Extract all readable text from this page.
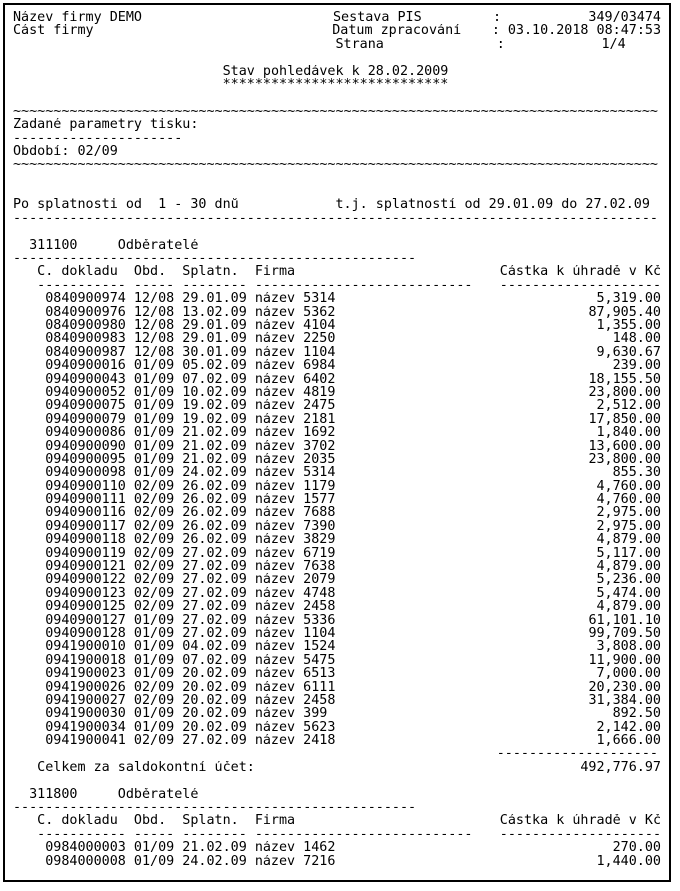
Název firmy DEMO	Sestava PIS	:	349/03474
Část firmy	Datum zpracování	: 03.10.2018 08:47:53
Strana	:	1/4
Stav pohledávek k 28.02.2009
****************************
~~~~~~~~~~~~~~~~~~~~~~~~~~~~~~~~~~~~~~~~~~~~~~~~~~~~~~~~~~~~~~~~~~~~~~~~~~~~~~~~
Zadané parametry tisku:
---------------------
Období: 02/09
~~~~~~~~~~~~~~~~~~~~~~~~~~~~~~~~~~~~~~~~~~~~~~~~~~~~~~~~~~~~~~~~~~~~~~~~~~~~~~~~
Po splatnosti od  1 - 30 dnů	t.j. splatností od 29.01.09 do 27.02.09
--------------------------------------------------------------------------------
311100	Odběratelé
--------------------------------------------------
Č. dokladu	Obd.	Splatn.	Firma	Částka k úhradě v Kč
----------- ----- -------- ---------------------------	--------------------
0840900974 12/08 29.01.09 název 5314	5,319.00
0840900976 12/08 13.02.09 název 5362	87,905.40
0840900980 12/08 29.01.09 název 4104	1,355.00
0840900983 12/08 29.01.09 název 2250	148.00
0840900987 12/08 30.01.09 název 1104	9,630.67
0940900016 01/09 05.02.09 název 6984	239.00
0940900043 01/09 07.02.09 název 6402	18,155.50
0940900052 01/09 10.02.09 název 4819	23,800.00
0940900075 01/09 19.02.09 název 2475	2,512.00
0940900079 01/09 19.02.09 název 2181	17,850.00
0940900086 01/09 21.02.09 název 1692	1,840.00
0940900090 01/09 21.02.09 název 3702	13,600.00
0940900095 01/09 21.02.09 název 2035	23,800.00
0940900098 01/09 24.02.09 název 5314	855.30
0940900110 02/09 26.02.09 název 1179	4,760.00
0940900111 02/09 26.02.09 název 1577	4,760.00
0940900116 02/09 26.02.09 název 7688	2,975.00
0940900117 02/09 26.02.09 název 7390	2,975.00
0940900118 02/09 26.02.09 název 3829	4,879.00
0940900119 02/09 27.02.09 název 6719	5,117.00
0940900121 02/09 27.02.09 název 7638	4,879.00
0940900122 02/09 27.02.09 název 2079	5,236.00
0940900123 02/09 27.02.09 název 4748	5,474.00
0940900125 02/09 27.02.09 název 2458	4,879.00
0940900127 01/09 27.02.09 název 5336	61,101.10
0940900128 01/09 27.02.09 název 1104	99,709.50
0941900010 01/09 04.02.09 název 1524	3,808.00
0941900018 01/09 07.02.09 název 5475	11,900.00
0941900023 01/09 20.02.09 název 6513	7,000.00
0941900026 02/09 20.02.09 název 6111	20,230.00
0941900027 02/09 20.02.09 název 2458	31,384.00
0941900030 01/09 20.02.09 název 399	892.50
0941900034 01/09 20.02.09 název 5623	2,142.00
0941900041 02/09 27.02.09 název 2418	1,666.00
--------------------
Celkem za saldokontní účet:	492,776.97
311800	Odběratelé
--------------------------------------------------
Č. dokladu	Obd.	Splatn.	Firma	Částka k úhradě v Kč
----------- ----- -------- ---------------------------	--------------------
0984000003 01/09 21.02.09 název 1462	270.00
0984000008 01/09 24.02.09 název 7216	1,440.00
